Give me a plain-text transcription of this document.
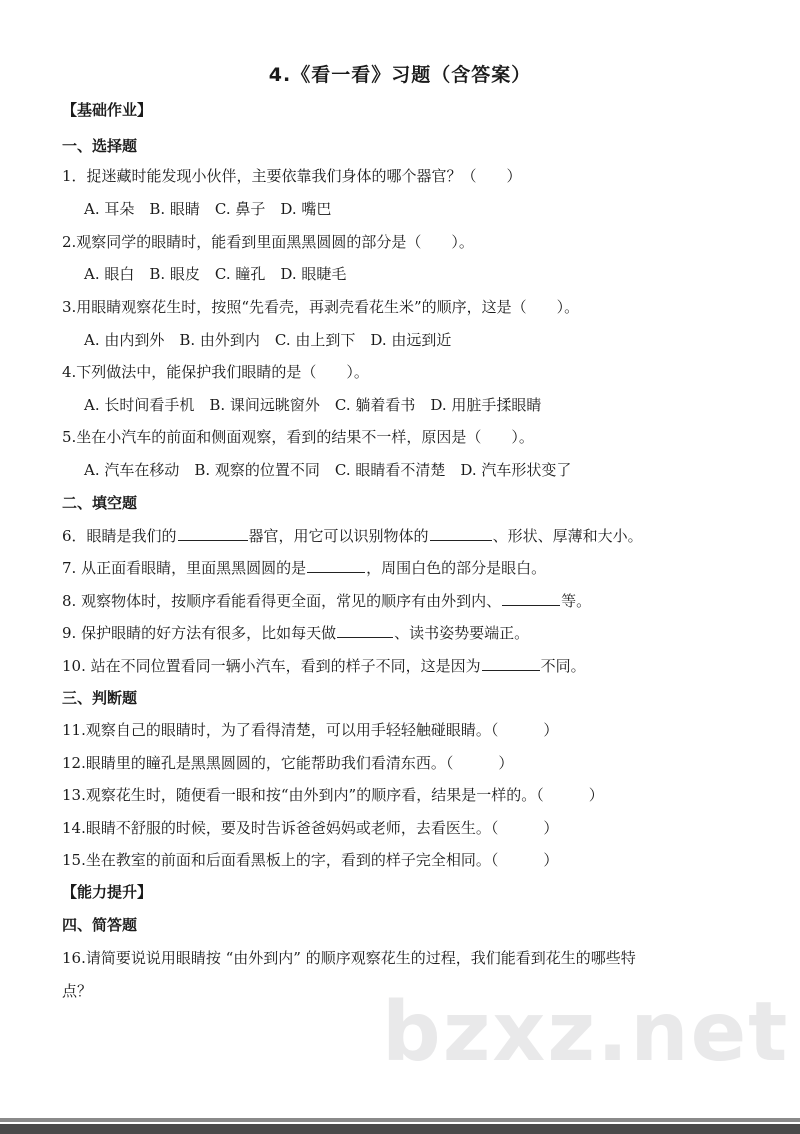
4.《看一看》习题（含答案）
【基础作业】
一、选择题
1．捉迷藏时能发现小伙伴，主要依靠我们身体的哪个器官？（　　）
A. 耳朵　B. 眼睛　C. 鼻子　D. 嘴巴
2.观察同学的眼睛时，能看到里面黑黑圆圆的部分是（　　）。
A. 眼白　B. 眼皮　C. 瞳孔　D. 眼睫毛
3.用眼睛观察花生时，按照“先看壳，再剥壳看花生米”的顺序，这是（　　）。
A. 由内到外　B. 由外到内　C. 由上到下　D. 由远到近
4.下列做法中，能保护我们眼睛的是（　　）。
A. 长时间看手机　B. 课间远眺窗外　C. 躺着看书　D. 用脏手揉眼睛
5.坐在小汽车的前面和侧面观察，看到的结果不一样，原因是（　　）。
A. 汽车在移动　B. 观察的位置不同　C. 眼睛看不清楚　D. 汽车形状变了
二、填空题
6．眼睛是我们的	器官，用它可以识别物体的	、形状、厚薄和大小。
7. 从正面看眼睛，里面黑黑圆圆的是	，周围白色的部分是眼白。
8. 观察物体时，按顺序看能看得更全面，常见的顺序有由外到内、	等。
9. 保护眼睛的好方法有很多，比如每天做	、读书姿势要端正。
10. 站在不同位置看同一辆小汽车，看到的样子不同，这是因为	不同。
三、判断题
11.观察自己的眼睛时，为了看得清楚，可以用手轻轻触碰眼睛。（　　　）
12.眼睛里的瞳孔是黑黑圆圆的，它能帮助我们看清东西。（　　　）
13.观察花生时，随便看一眼和按“由外到内”的顺序看，结果是一样的。（　　　）
14.眼睛不舒服的时候，要及时告诉爸爸妈妈或老师，去看医生。（　　　）
15.坐在教室的前面和后面看黑板上的字，看到的样子完全相同。（　　　）
【能力提升】
四、简答题
16.请简要说说用眼睛按 “由外到内” 的顺序观察花生的过程，我们能看到花生的哪些特
点？	bzxz.net
